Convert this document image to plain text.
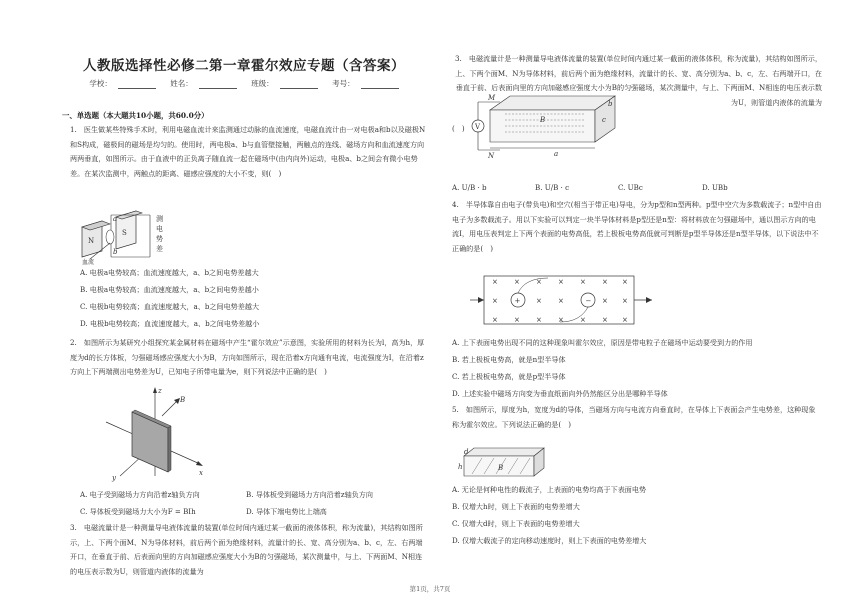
人教版选择性必修二第一章霍尔效应专题（含答案）
学校：	姓名：	班级：	考号：
一、单选题（本大题共10小题，共60.0分）
1.　医生做某些特殊手术时，利用电磁血流计来监测通过动脉的血流速度，电磁血流计由一对电极a和b以及磁极N和S构成，磁极间的磁场是均匀的。使用时，两电极a、b与血管壁接触，两触点的连线、磁场方向和血流速度方向两两垂直，如图所示。由于血液中的正负离子随血流一起在磁场中(由内向外)运动，电极a、b之间会有微小电势差。在某次监测中，两触点的距离、磁感应强度的大小不变，则(　)
N
S
a
b
测
电
势
差
血流
A. 电极a电势较高；血流速度越大，a、b之间电势差越大
B. 电极a电势较高；血流速度越大，a、b之间电势差越小
C. 电极b电势较高；血流速度越大，a、b之间电势差越大
D. 电极b电势较高；血流速度越大，a、b之间电势差越小
2.　如图所示为某研究小组探究某金属材料在磁场中产生“霍尔效应”示意图，实验所用的材料为长为l，高为h，厚度为d的长方体板，匀强磁场感应强度大小为B，方向如图所示，现在沿着x方向通有电流，电流强度为I，在沿着z方向上下两端测出电势差为U，已知电子所带电量为e，则下列说法中正确的是(　)
z
B
x
y
A. 电子受到磁场力方向沿着z轴负方向	B. 导体板受到磁场力方向沿着z轴负方向
C. 导体板受到磁场力大小为F = BIh	D. 导体下端电势比上端高
3.　电磁流量计是一种测量导电液体流量的装置(单位时间内通过某一截面的液体体积，称为流量)，其结构如图所示，上、下两个面M、N为导体材料，前后两个面为绝缘材料，流量计的长、宽、高分别为a、b、c，左、右两端开口，在垂直于前、后表面向里的方向加磁感应强度大小为B的匀强磁场，某次测量中，与上、下两面M、N相连的电压表示数为U，则管道内液体的流量为
3.　电磁流量计是一种测量导电液体流量的装置(单位时间内通过某一截面的液体体积，称为流量)，其结构如图所示，上、下两个面M、N为导体材料，前后两个面为绝缘材料，流量计的长、宽、高分别为a、b、c，左、右两端开口，在垂直于前、后表面向里的方向加磁感应强度大小为B的匀强磁场，某次测量中，与上、下两面M、N相连的电压表示数为U，则管道内液体的流量为
(　)
B
V
M
N
c
b
a
A. U/B · b	B. U/B · c	C. UBc	D. UBb
4.　半导体靠自由电子(带负电)和空穴(相当于带正电)导电，分为p型和n型两种。p型中空穴为多数载流子；n型中自由电子为多数载流子。用以下实验可以判定一块半导体材料是p型还是n型：将材料放在匀强磁场中，通以图示方向的电流I，用电压表判定上下两个表面的电势高低，若上极板电势高低就可判断是p型半导体还是n型半导体，以下说法中不正确的是(　)
× × × × × × ×
×	× ×	× ×
× × × × × × ×
+	−
A. 上下表面电势出现不同的这种现象叫霍尔效应，原因是带电粒子在磁场中运动要受到力的作用
B. 若上极板电势高，就是n型半导体
C. 若上极板电势高，就是p型半导体
D. 上述实验中磁场方向变为垂直纸面向外仍然能区分出是哪种半导体
5.　如图所示，厚度为h，宽度为d的导体，当磁场方向与电流方向垂直时，在导体上下表面会产生电势差，这种现象称为霍尔效应。下列说法正确的是(　)
h
d
B
A. 无论是何种电性的载流子，上表面的电势均高于下表面电势
B. 仅增大h时，则上下表面的电势差增大
C. 仅增大d时，则上下表面的电势差增大
D. 仅增大载流子的定向移动速度时，则上下表面的电势差增大
第1页，共7页
